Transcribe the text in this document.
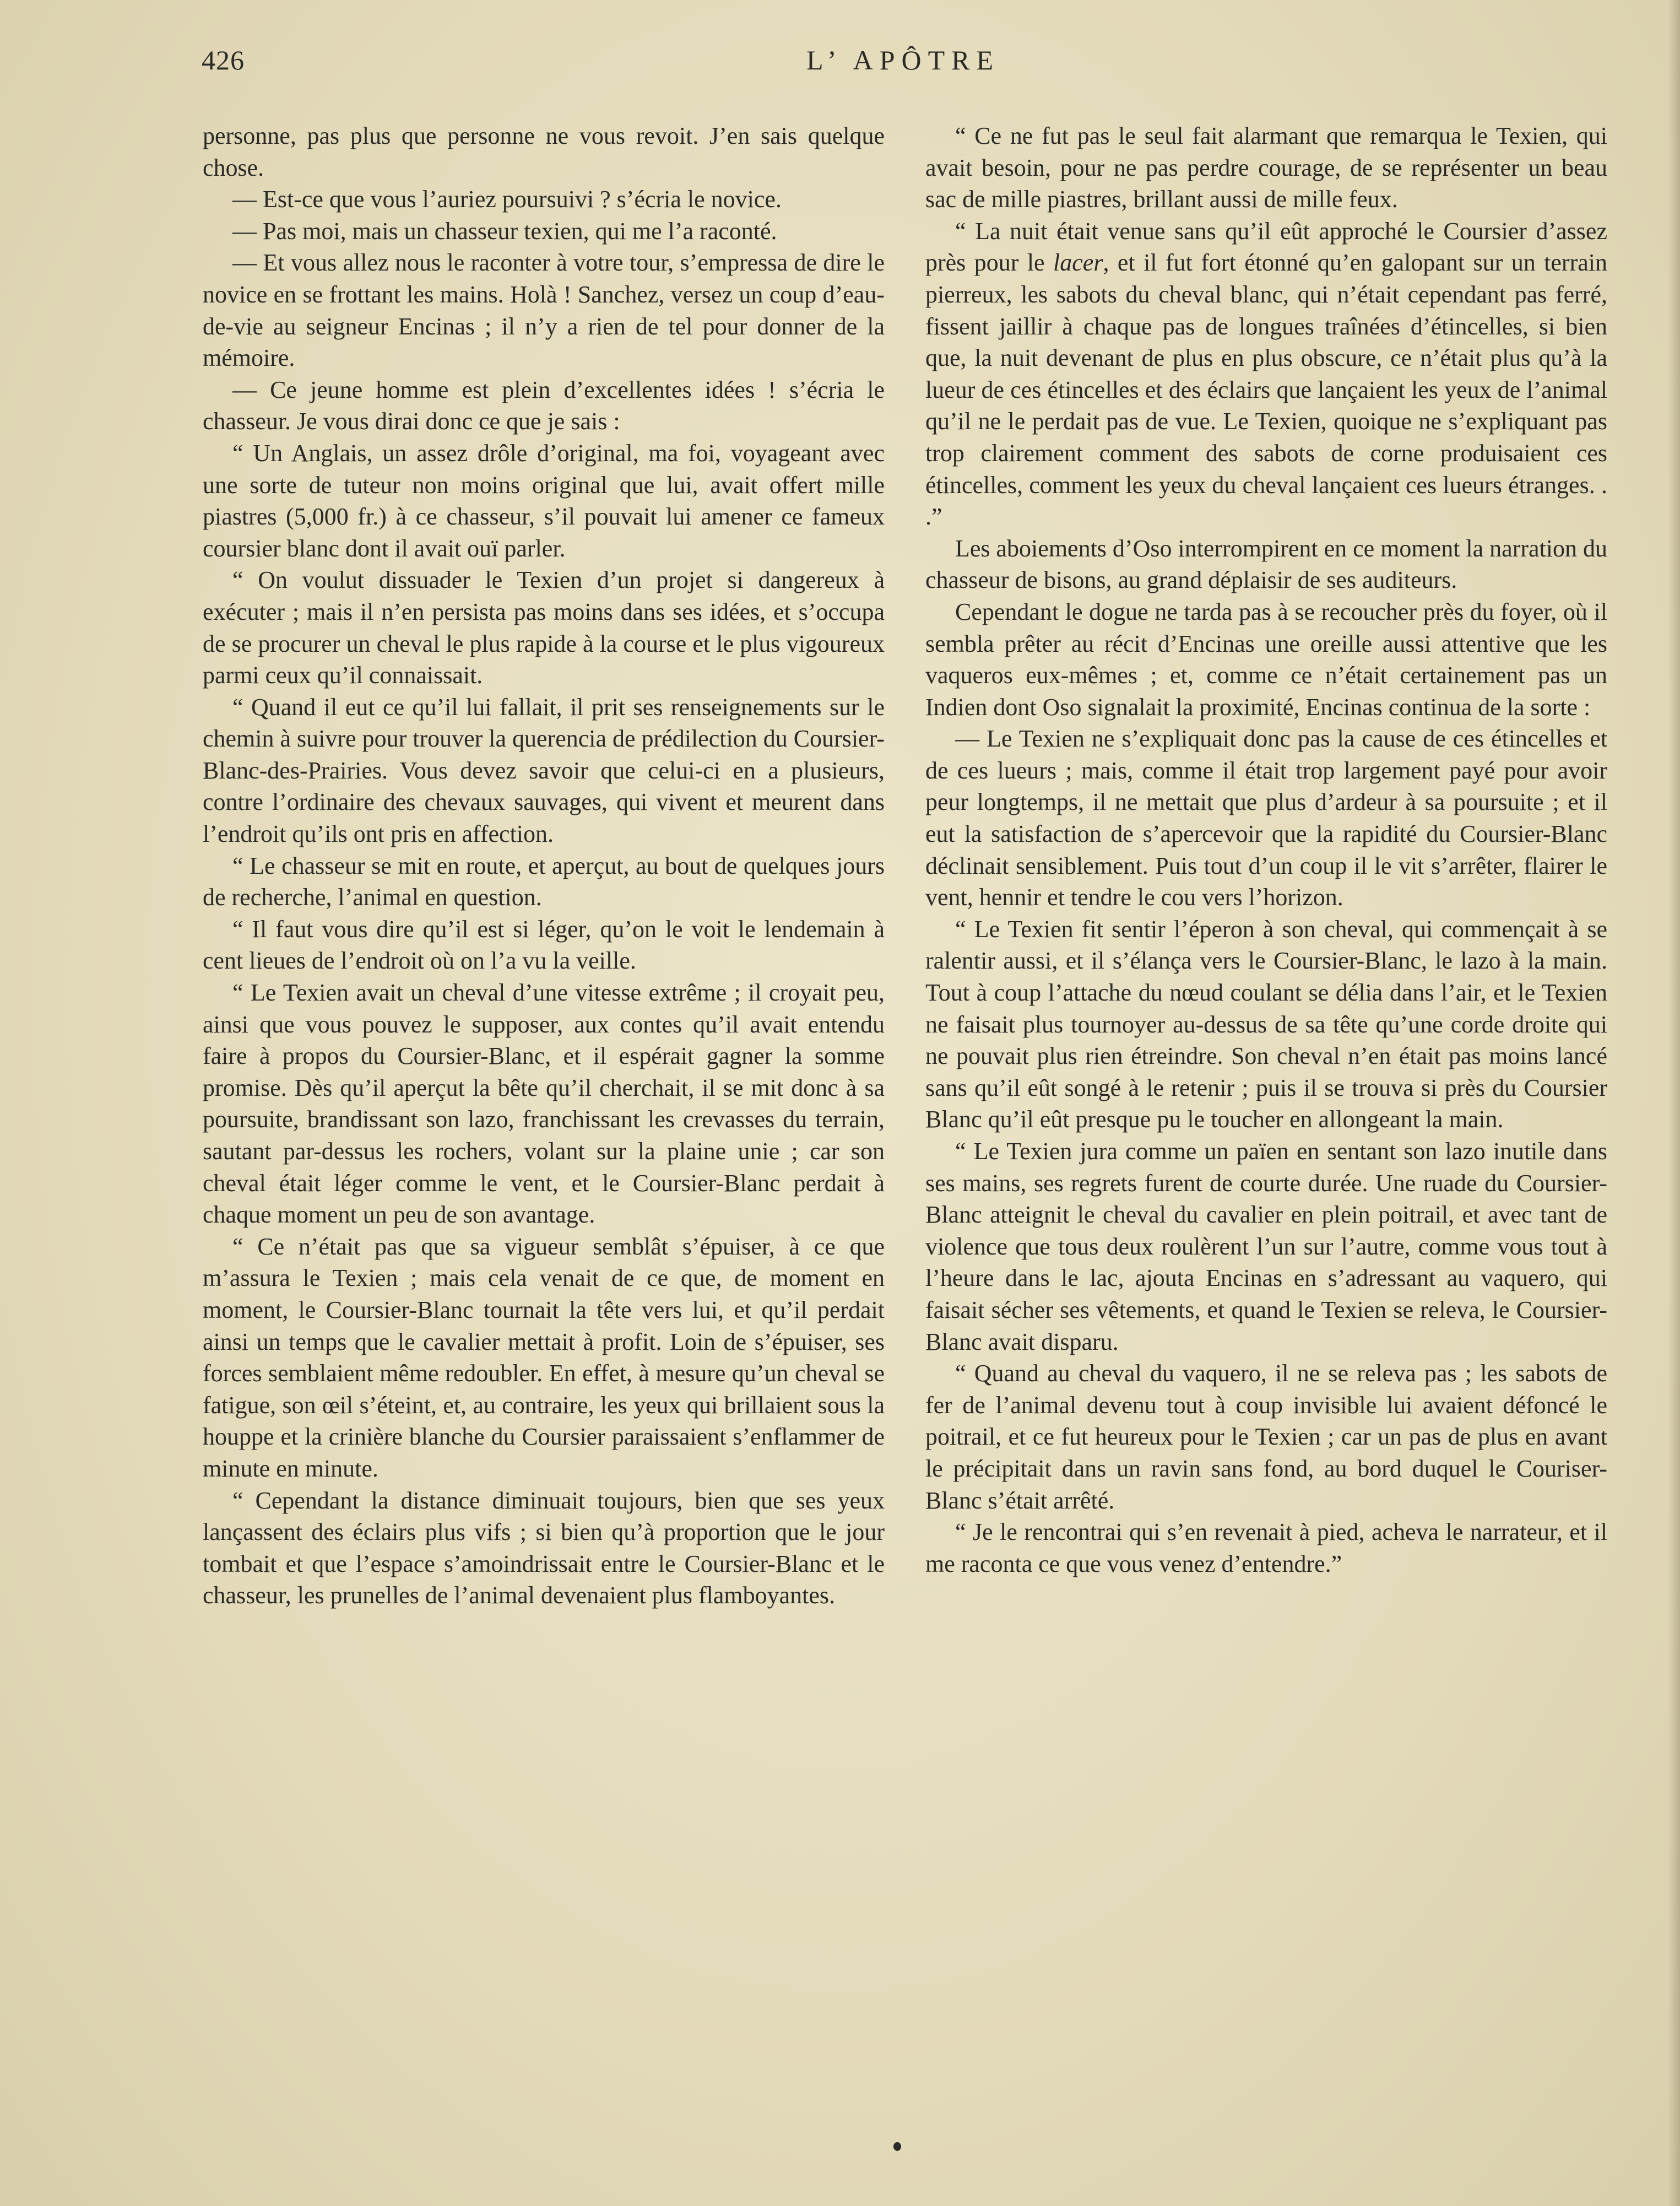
426	L’ APÔTRE

personne, pas plus que personne ne vous revoit. J’en sais quelque chose.

— Est-ce que vous l’auriez poursuivi ? s’écria le novice.

— Pas moi, mais un chasseur texien, qui me l’a raconté.

— Et vous allez nous le raconter à votre tour, s’empressa de dire le novice en se frottant les mains. Holà ! Sanchez, versez un coup d’eau-de-vie au seigneur Encinas ; il n’y a rien de tel pour donner de la mémoire.

— Ce jeune homme est plein d’excellentes idées ! s’écria le chasseur. Je vous dirai donc ce que je sais :

“ Un Anglais, un assez drôle d’original, ma foi, voyageant avec une sorte de tuteur non moins original que lui, avait offert mille piastres (5,000 fr.) à ce chasseur, s’il pouvait lui amener ce fameux coursier blanc dont il avait ouï parler.

“ On voulut dissuader le Texien d’un projet si dangereux à exécuter ; mais il n’en persista pas moins dans ses idées, et s’occupa de se procurer un cheval le plus rapide à la course et le plus vigoureux parmi ceux qu’il connaissait.

“ Quand il eut ce qu’il lui fallait, il prit ses renseignements sur le chemin à suivre pour trouver la querencia de prédilection du Coursier-Blanc-des-Prairies. Vous devez savoir que celui-ci en a plusieurs, contre l’ordinaire des chevaux sauvages, qui vivent et meurent dans l’endroit qu’ils ont pris en affection.

“ Le chasseur se mit en route, et aperçut, au bout de quelques jours de recherche, l’animal en question.

“ Il faut vous dire qu’il est si léger, qu’on le voit le lendemain à cent lieues de l’endroit où on l’a vu la veille.

“ Le Texien avait un cheval d’une vitesse extrême ; il croyait peu, ainsi que vous pouvez le supposer, aux contes qu’il avait entendu faire à propos du Coursier-Blanc, et il espérait gagner la somme promise. Dès qu’il aperçut la bête qu’il cherchait, il se mit donc à sa poursuite, brandissant son lazo, franchissant les crevasses du terrain, sautant par-dessus les rochers, volant sur la plaine unie ; car son cheval était léger comme le vent, et le Coursier-Blanc perdait à chaque moment un peu de son avantage.

“ Ce n’était pas que sa vigueur semblât s’épuiser, à ce que m’assura le Texien ; mais cela venait de ce que, de moment en moment, le Coursier-Blanc tournait la tête vers lui, et qu’il perdait ainsi un temps que le cavalier mettait à profit. Loin de s’épuiser, ses forces semblaient même redoubler. En effet, à mesure qu’un cheval se fatigue, son œil s’éteint, et, au contraire, les yeux qui brillaient sous la houppe et la crinière blanche du Coursier paraissaient s’enflammer de minute en minute.

“ Cependant la distance diminuait toujours, bien que ses yeux lançassent des éclairs plus vifs ; si bien qu’à proportion que le jour tombait et que l’espace s’amoindrissait entre le Coursier-Blanc et le chasseur, les prunelles de l’animal devenaient plus flamboyantes.

“ Ce ne fut pas le seul fait alarmant que remarqua le Texien, qui avait besoin, pour ne pas perdre courage, de se représenter un beau sac de mille piastres, brillant aussi de mille feux.

“ La nuit était venue sans qu’il eût approché le Coursier d’assez près pour le lacer, et il fut fort étonné qu’en galopant sur un terrain pierreux, les sabots du cheval blanc, qui n’était cependant pas ferré, fissent jaillir à chaque pas de longues traînées d’étincelles, si bien que, la nuit devenant de plus en plus obscure, ce n’était plus qu’à la lueur de ces étincelles et des éclairs que lançaient les yeux de l’animal qu’il ne le perdait pas de vue. Le Texien, quoique ne s’expliquant pas trop clairement comment des sabots de corne produisaient ces étincelles, comment les yeux du cheval lançaient ces lueurs étranges. . .”

Les aboiements d’Oso interrompirent en ce moment la narration du chasseur de bisons, au grand déplaisir de ses auditeurs.

Cependant le dogue ne tarda pas à se recoucher près du foyer, où il sembla prêter au récit d’Encinas une oreille aussi attentive que les vaqueros eux-mêmes ; et, comme ce n’était certainement pas un Indien dont Oso signalait la proximité, Encinas continua de la sorte :

— Le Texien ne s’expliquait donc pas la cause de ces étincelles et de ces lueurs ; mais, comme il était trop largement payé pour avoir peur longtemps, il ne mettait que plus d’ardeur à sa poursuite ; et il eut la satisfaction de s’apercevoir que la rapidité du Coursier-Blanc déclinait sensiblement. Puis tout d’un coup il le vit s’arrêter, flairer le vent, hennir et tendre le cou vers l’horizon.

“ Le Texien fit sentir l’éperon à son cheval, qui commençait à se ralentir aussi, et il s’élança vers le Coursier-Blanc, le lazo à la main. Tout à coup l’attache du nœud coulant se délia dans l’air, et le Texien ne faisait plus tournoyer au-dessus de sa tête qu’une corde droite qui ne pouvait plus rien étreindre. Son cheval n’en était pas moins lancé sans qu’il eût songé à le retenir ; puis il se trouva si près du Coursier Blanc qu’il eût presque pu le toucher en allongeant la main.

“ Le Texien jura comme un païen en sentant son lazo inutile dans ses mains, ses regrets furent de courte durée. Une ruade du Coursier-Blanc atteignit le cheval du cavalier en plein poitrail, et avec tant de violence que tous deux roulèrent l’un sur l’autre, comme vous tout à l’heure dans le lac, ajouta Encinas en s’adressant au vaquero, qui faisait sécher ses vêtements, et quand le Texien se releva, le Coursier-Blanc avait disparu.

“ Quand au cheval du vaquero, il ne se releva pas ; les sabots de fer de l’animal devenu tout à coup invisible lui avaient défoncé le poitrail, et ce fut heureux pour le Texien ; car un pas de plus en avant le précipitait dans un ravin sans fond, au bord duquel le Couriser-Blanc s’était arrêté.

“ Je le rencontrai qui s’en revenait à pied, acheva le narrateur, et il me raconta ce que vous venez d’entendre.”
